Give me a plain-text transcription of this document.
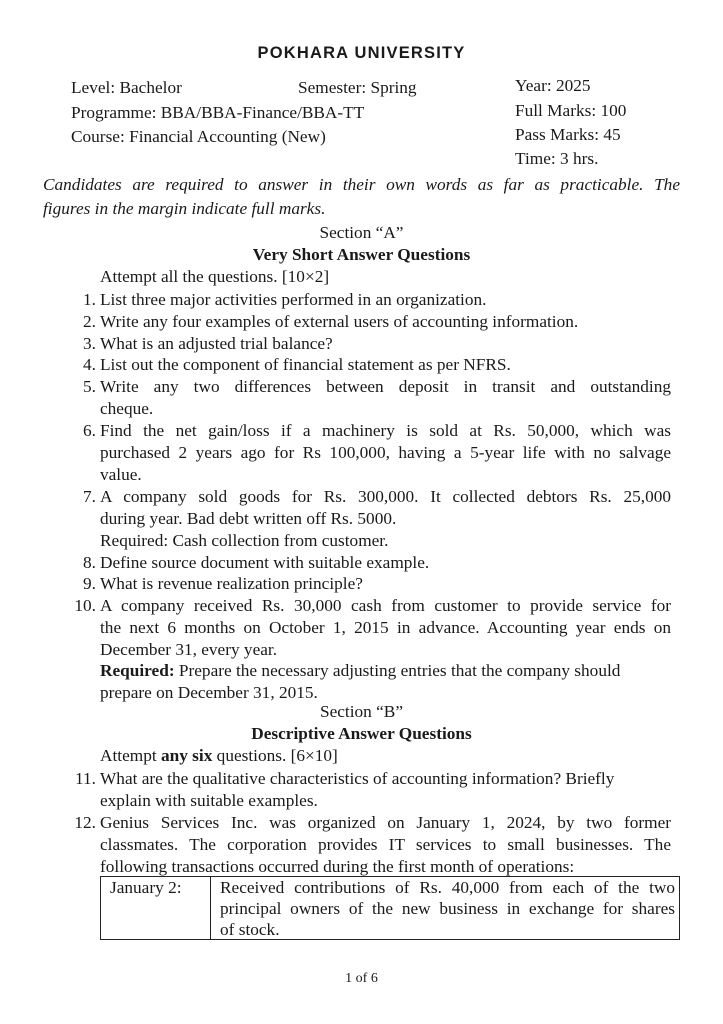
POKHARA UNIVERSITY
Level: Bachelor	Semester: Spring	Year: 2025
Programme: BBA/BBA-Finance/BBA-TT	Full Marks: 100
Course: Financial Accounting (New)	Pass Marks: 45
Time: 3 hrs.
Candidates are required to answer in their own words as far as practicable. The
figures in the margin indicate full marks.
Section “A”
Very Short Answer Questions
Attempt all the questions. [10×2]
1. List three major activities performed in an organization.
2. Write any four examples of external users of accounting information.
3. What is an adjusted trial balance?
4. List out the component of financial statement as per NFRS.
5. Write any two differences between deposit in transit and outstanding
cheque.
6. Find the net gain/loss if a machinery is sold at Rs. 50,000, which was
purchased 2 years ago for Rs 100,000, having a 5-year life with no salvage
value.
7. A company sold goods for Rs. 300,000. It collected debtors Rs. 25,000
during year. Bad debt written off Rs. 5000.
Required: Cash collection from customer.
8. Define source document with suitable example.
9. What is revenue realization principle?
10. A company received Rs. 30,000 cash from customer to provide service for
the next 6 months on October 1, 2015 in advance. Accounting year ends on
December 31, every year.
Required: Prepare the necessary adjusting entries that the company should
prepare on December 31, 2015.
Section “B”
Descriptive Answer Questions
Attempt any six questions. [6×10]
11. What are the qualitative characteristics of accounting information? Briefly
explain with suitable examples.
12. Genius Services Inc. was organized on January 1, 2024, by two former
classmates. The corporation provides IT services to small businesses. The
following transactions occurred during the first month of operations:
January 2:	Received contributions of Rs. 40,000 from each of the two
principal owners of the new business in exchange for shares
of stock.
1 of 6
